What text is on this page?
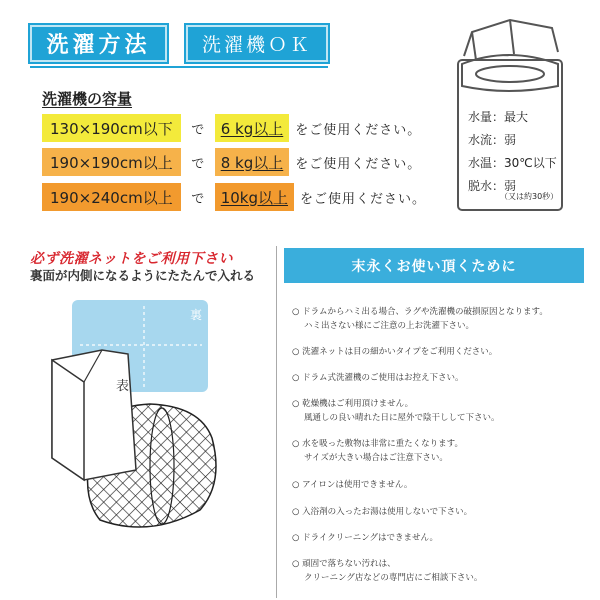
洗濯方法	洗濯機ＯＫ
洗濯機の容量
130×190cm以下	で	6 kg以上 をご使用ください。
190×190cm以上	で	8 kg以上 をご使用ください。
190×240cm以上	で	10kg以上 をご使用ください。
水量：最大
水流：弱
水温：30℃以下
脱水：弱
（又は約30秒）
必ず洗濯ネットをご利用下さい
裏面が内側になるようにたたんで入れる
裏
表
末永くお使い頂くために
○ ドラムからハミ出る場合、ラグや洗濯機の破損原因となります。
ハミ出さない様にご注意の上お洗濯下さい。
○ 洗濯ネットは目の細かいタイプをご利用ください。
○ ドラム式洗濯機のご使用はお控え下さい。
○ 乾燥機はご利用頂けません。
風通しの良い晴れた日に屋外で陰干しして下さい。
○ 水を吸った敷物は非常に重たくなります。
サイズが大きい場合はご注意下さい。
○ アイロンは使用できません。
○ 入浴剤の入ったお湯は使用しないで下さい。
○ ドライクリーニングはできません。
○ 頑固で落ちない汚れは、
クリーニング店などの専門店にご相談下さい。
